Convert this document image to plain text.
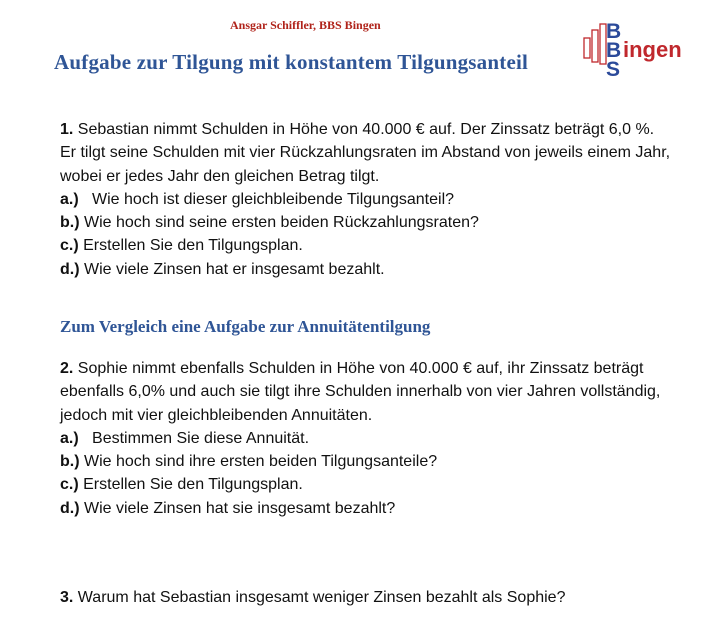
Ansgar Schiffler, BBS Bingen
Aufgabe zur Tilgung mit konstantem Tilgungsanteil
B
B
S
ingen

1. Sebastian nimmt Schulden in Höhe von 40.000 € auf. Der Zinssatz beträgt 6,0 %.

Er tilgt seine Schulden mit vier Rückzahlungsraten im Abstand von jeweils einem Jahr,

wobei er jedes Jahr den gleichen Betrag tilgt.

a.) Wie hoch ist dieser gleichbleibende Tilgungsanteil?

b.) Wie hoch sind seine ersten beiden Rückzahlungsraten?

c.) Erstellen Sie den Tilgungsplan.

d.) Wie viele Zinsen hat er insgesamt bezahlt.

Zum Vergleich eine Aufgabe zur Annuitätentilgung

2. Sophie nimmt ebenfalls Schulden in Höhe von 40.000 € auf, ihr Zinssatz beträgt

ebenfalls 6,0% und auch sie tilgt ihre Schulden innerhalb von vier Jahren vollständig,

jedoch mit vier gleichbleibenden Annuitäten.

a.) Bestimmen Sie diese Annuität.

b.) Wie hoch sind ihre ersten beiden Tilgungsanteile?

c.) Erstellen Sie den Tilgungsplan.

d.) Wie viele Zinsen hat sie insgesamt bezahlt?

3. Warum hat Sebastian insgesamt weniger Zinsen bezahlt als Sophie?
